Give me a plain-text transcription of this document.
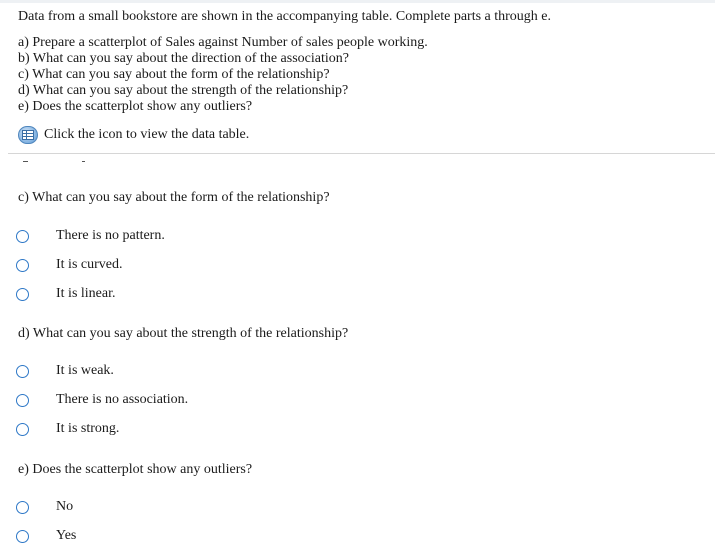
Data from a small bookstore are shown in the accompanying table. Complete parts a through e.
a) Prepare a scatterplot of Sales against Number of sales people working.
b) What can you say about the direction of the association?
c) What can you say about the form of the relationship?
d) What can you say about the strength of the relationship?
e) Does the scatterplot show any outliers?
Click the icon to view the data table.
c) What can you say about the form of the relationship?
There is no pattern.
It is curved.
It is linear.
d) What can you say about the strength of the relationship?
It is weak.
There is no association.
It is strong.
e) Does the scatterplot show any outliers?
No
Yes
